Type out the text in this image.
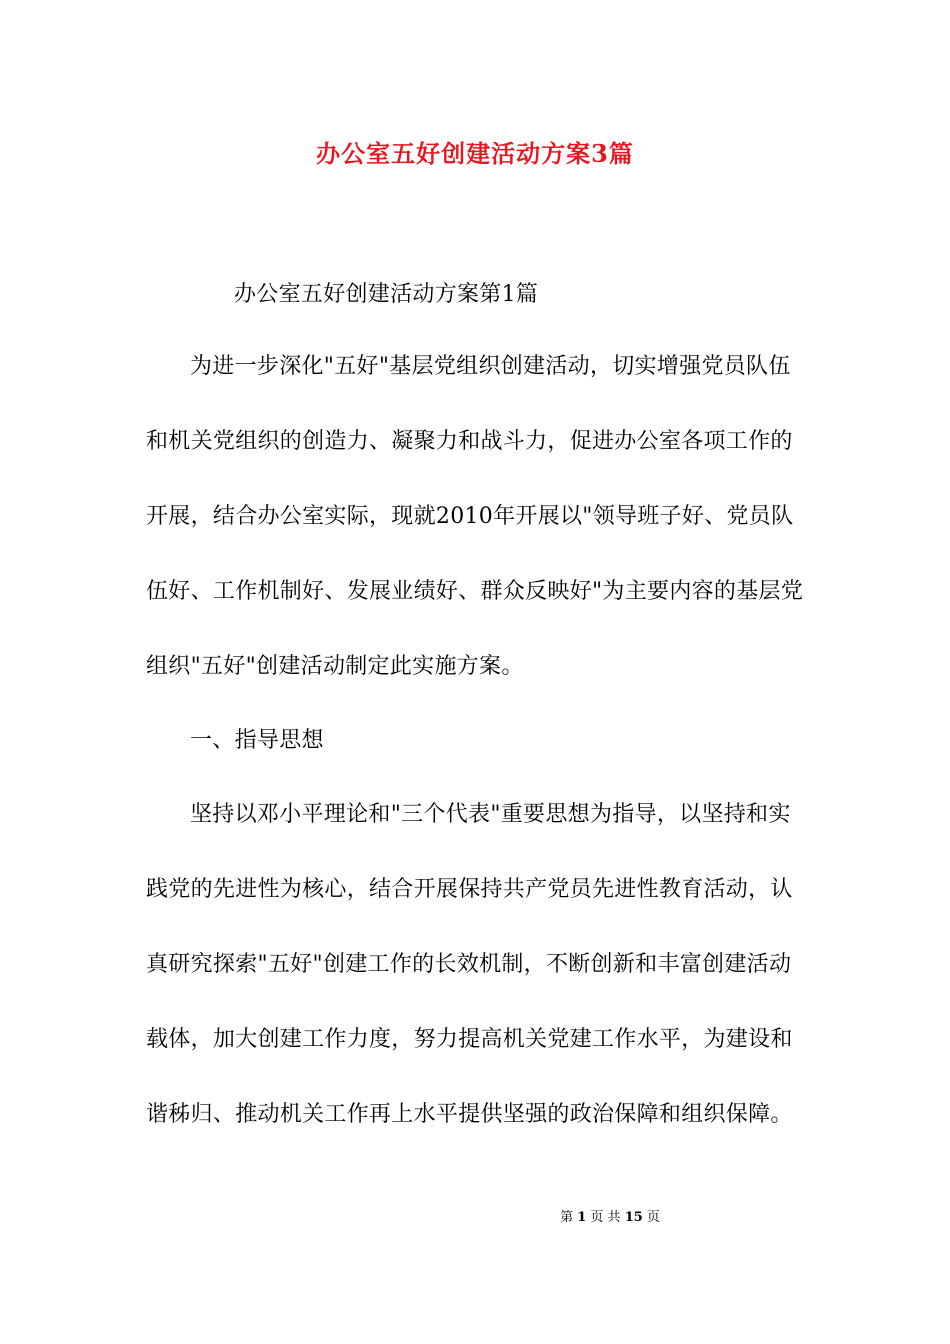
办公室五好创建活动方案3篇
办公室五好创建活动方案第1篇
为进一步深化"五好"基层党组织创建活动，切实增强党员队伍
和机关党组织的创造力、凝聚力和战斗力，促进办公室各项工作的
开展，结合办公室实际，现就2010年开展以"领导班子好、党员队
伍好、工作机制好、发展业绩好、群众反映好"为主要内容的基层党
组织"五好"创建活动制定此实施方案。
一、指导思想
坚持以邓小平理论和"三个代表"重要思想为指导，以坚持和实
践党的先进性为核心，结合开展保持共产党员先进性教育活动，认
真研究探索"五好"创建工作的长效机制，不断创新和丰富创建活动
载体，加大创建工作力度，努力提高机关党建工作水平，为建设和
谐秭归、推动机关工作再上水平提供坚强的政治保障和组织保障。
第 1 页 共 15 页
